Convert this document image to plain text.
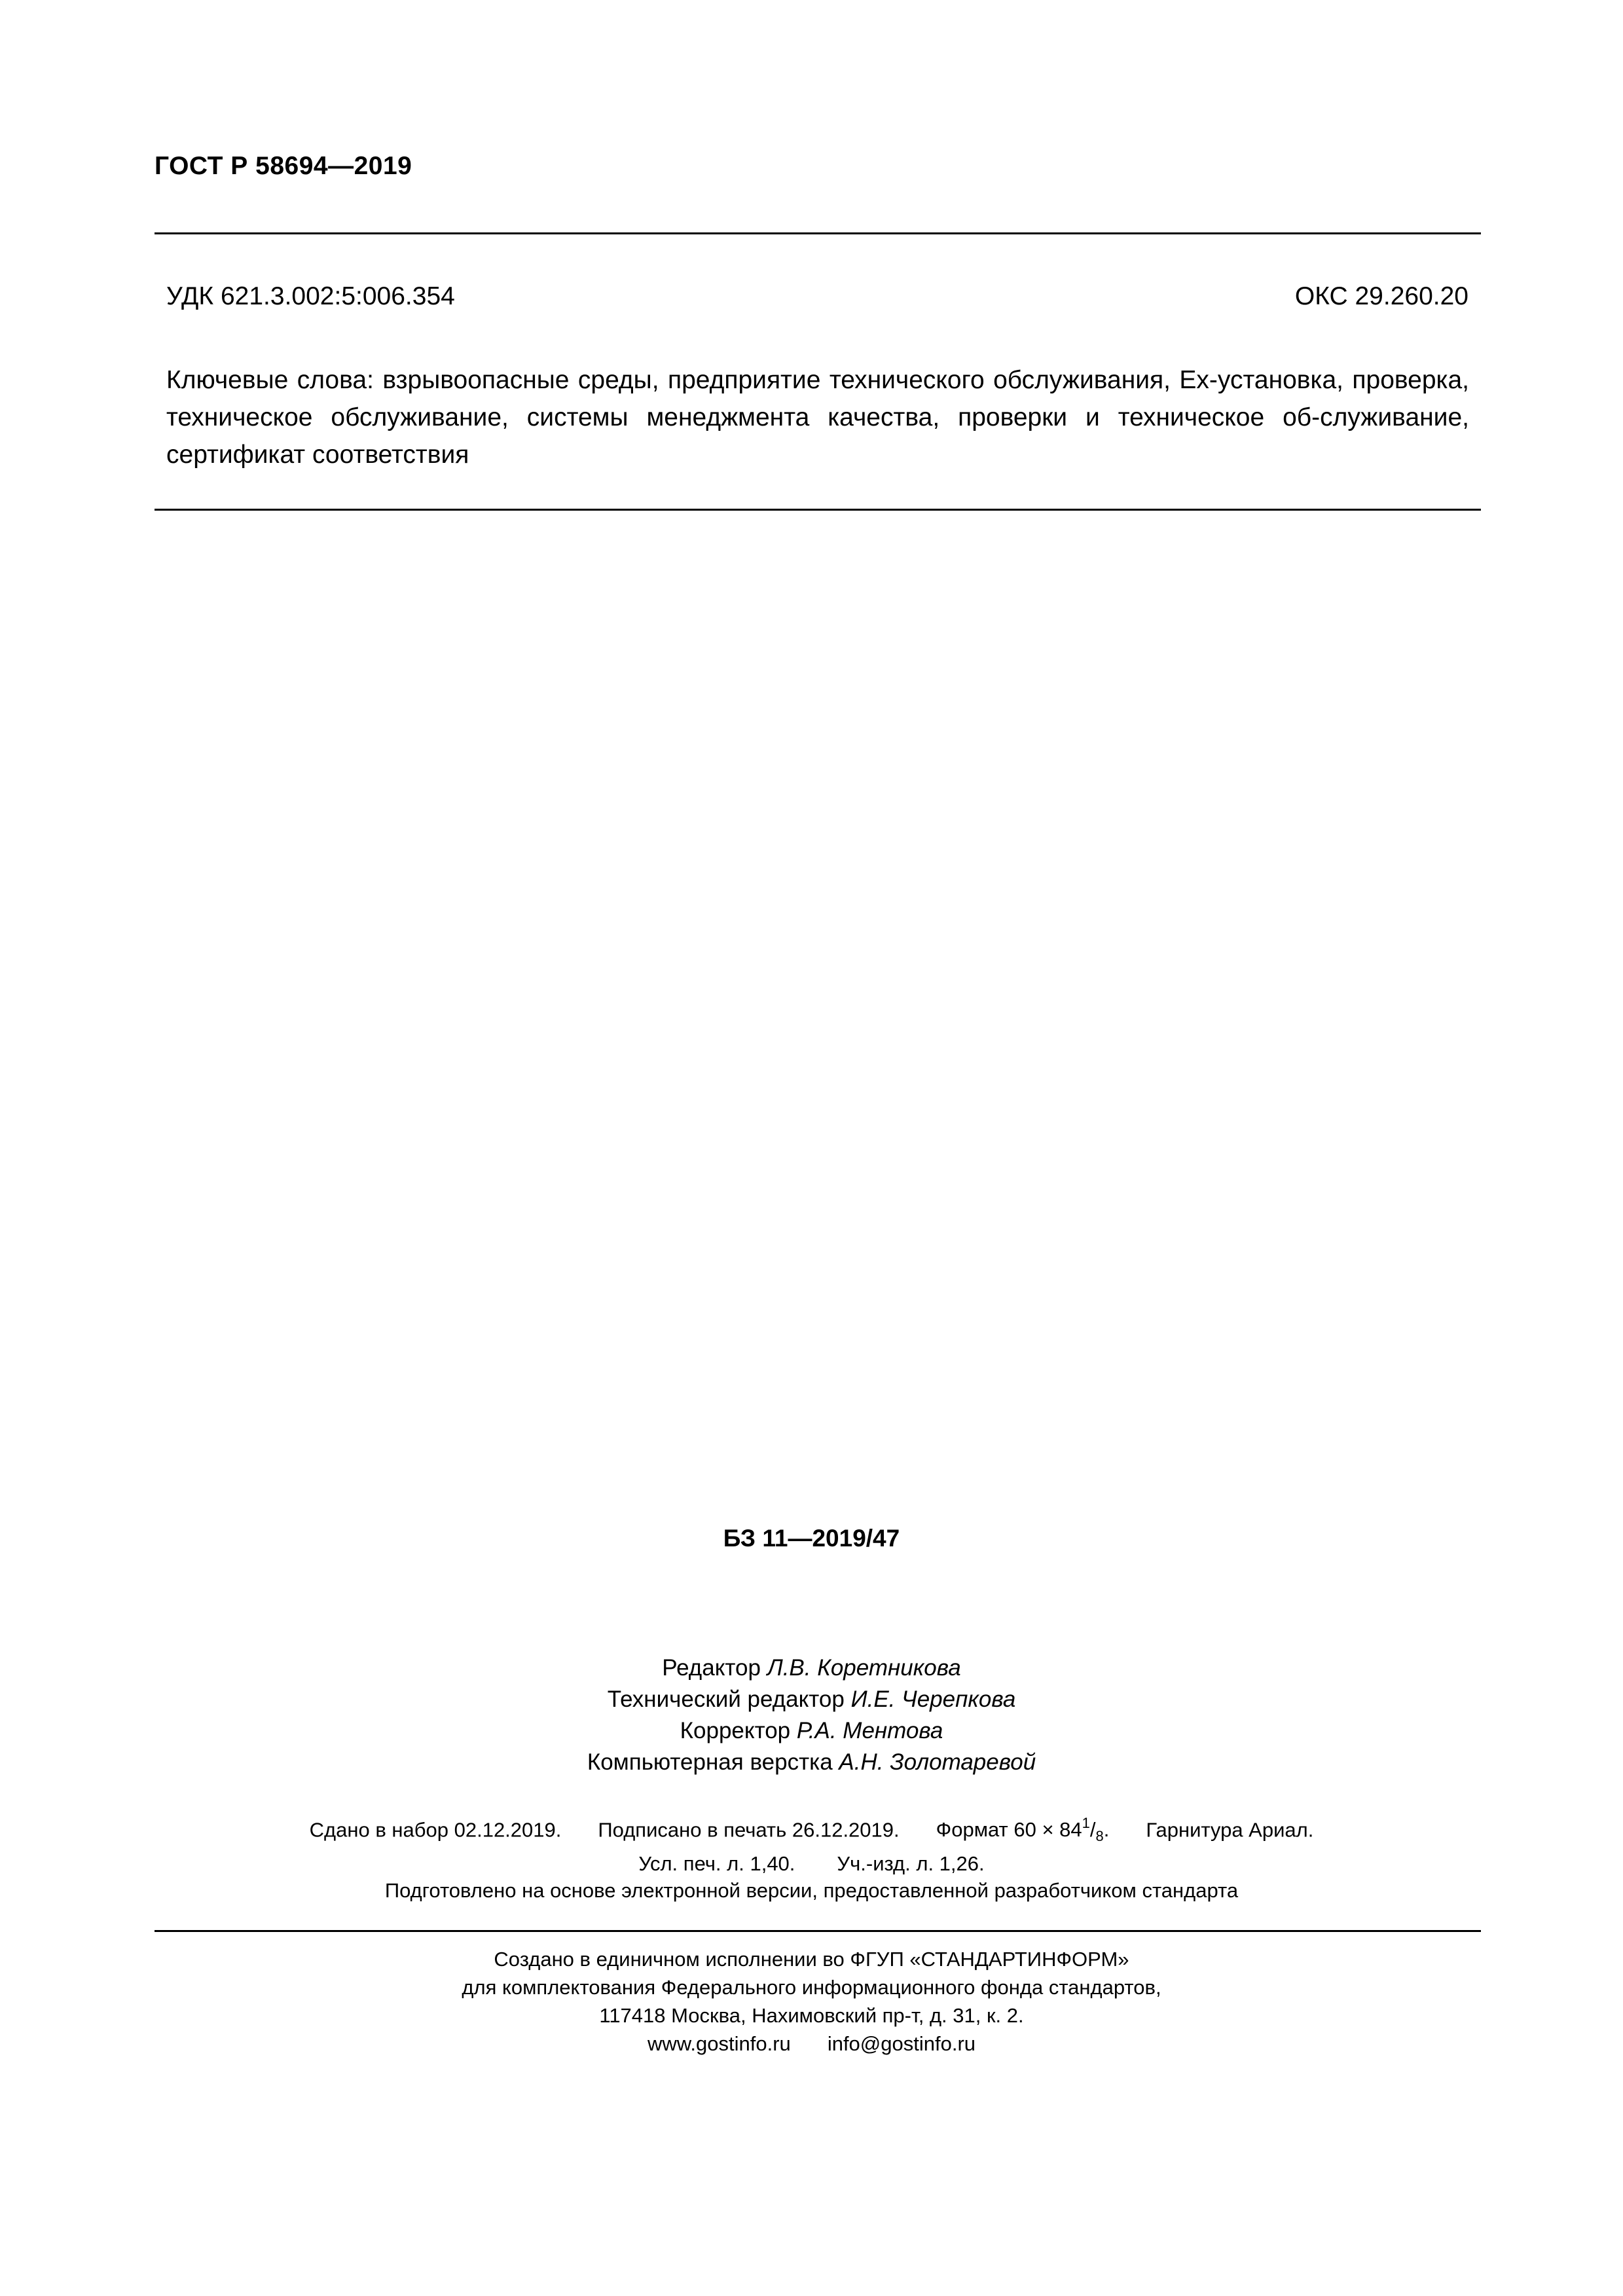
ГОСТ Р 58694—2019
УДК 621.3.002:5:006.354	ОКС 29.260.20
Ключевые слова: взрывоопасные среды, предприятие технического обслуживания, Ex-установка, проверка, техническое обслуживание, системы менеджмента качества, проверки и техническое об-служивание, сертификат соответствия
БЗ 11—2019/47
Редактор Л.В. Коретникова
Технический редактор И.Е. Черепкова
Корректор Р.А. Ментова
Компьютерная верстка А.Н. Золотаревой
Сдано в набор 02.12.2019. Подписано в печать 26.12.2019. Формат $60 \times 84^1/_8$. Гарнитура Ариал.
Усл. печ. л. 1,40. Уч.-изд. л. 1,26.
Подготовлено на основе электронной версии, предоставленной разработчиком стандарта
Создано в единичном исполнении во ФГУП «СТАНДАРТИНФОРМ»
для комплектования Федерального информационного фонда стандартов,
117418 Москва, Нахимовский пр-т, д. 31, к. 2.
www.gostinfo.ru info@gostinfo.ru
